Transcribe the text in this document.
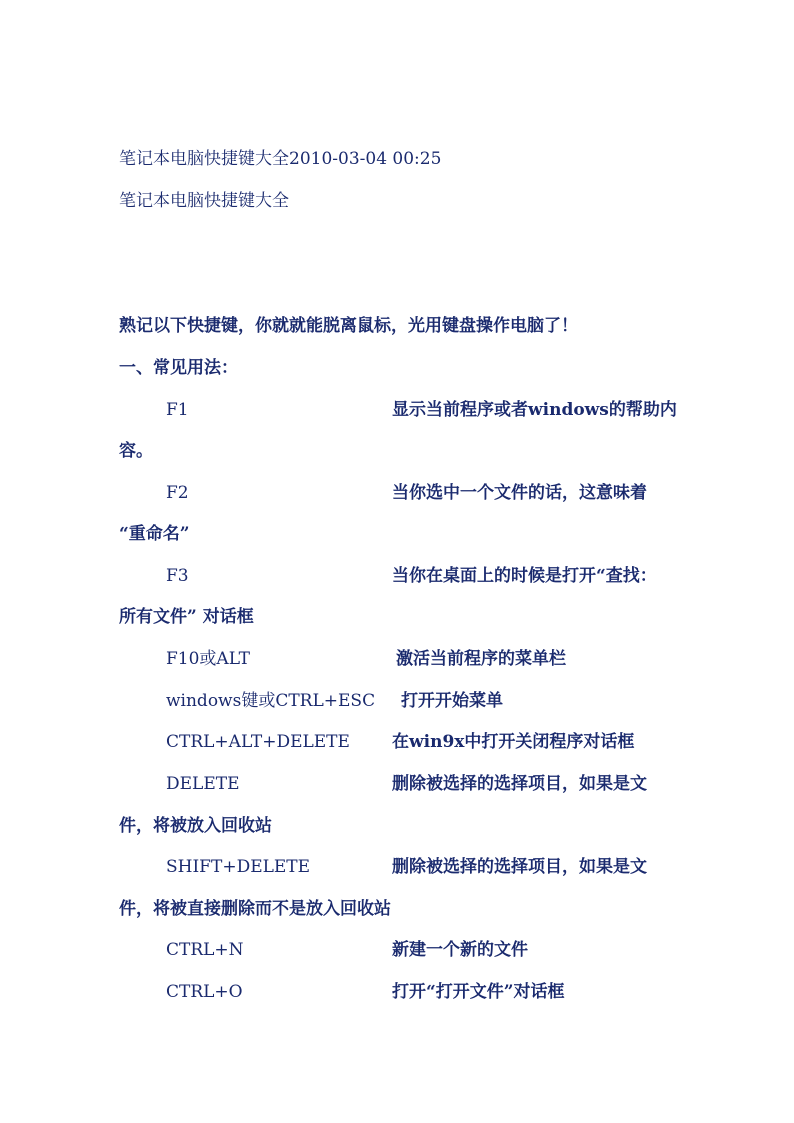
笔记本电脑快捷键大全2010-03-04 00:25
笔记本电脑快捷键大全
熟记以下快捷键，你就就能脱离鼠标，光用键盘操作电脑了！
一、常见用法：
F1	显示当前程序或者windows的帮助内
容。
F2	当你选中一个文件的话，这意味着
“重命名”
F3	当你在桌面上的时候是打开“查找：
所有文件” 对话框
F10或ALT	激活当前程序的菜单栏
windows键或CTRL+ESC 打开开始菜单
CTRL+ALT+DELETE 在win9x中打开关闭程序对话框
DELETE	删除被选择的选择项目，如果是文
件，将被放入回收站
SHIFT+DELETE	删除被选择的选择项目，如果是文
件，将被直接删除而不是放入回收站
CTRL+N	新建一个新的文件
CTRL+O	打开“打开文件”对话框
